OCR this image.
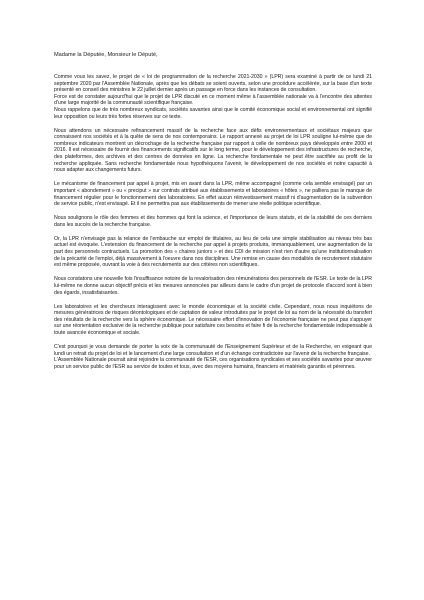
Madame la Députée, Monsieur le Député,

Comme vous les savez, le projet de « loi de programmation de la recherche 2021-2030 » (LPR) sera examiné à partir de ce lundi 21 septembre 2020 par l'Assemblée Nationale, après que les débats se soient ouverts, selon une procédure accélérée, sur la base d'un texte présenté en conseil des ministres le 22 juillet dernier après un passage en force dans les instances de consultation.

Force est de constater aujourd'hui que le projet de LPR discuté en ce moment même à l'assemblée nationale va à l'encontre des attentes d'une large majorité de la communauté scientifique française.

Nous rappelons que de très nombreux syndicats, sociétés savantes ainsi que le comité économique social et environnemental ont signifié leur opposition ou leurs très fortes réserves sur ce texte.

Nous attendons un nécessaire refinancement massif de la recherche face aux défis environnementaux et sociétaux majeurs que connaissent nos sociétés et à la quête de sens de nos contemporains. Le rapport annexé au projet de loi LPR souligne lui-même que de nombreux indicateurs montrent un décrochage de la recherche française par rapport à celle de nombreux pays développés entre 2000 et 2016. Il est nécessaire de fournir des financements significatifs sur le long terme, pour le développement des infrastructures de recherche, des plateformes, des archives et des centres de données en ligne. La recherche fondamentale ne peut être sacrifiée au profit de la recherche appliquée. Sans recherche fondamentale nous hypothéquons l'avenir, le développement de nos sociétés et notre capacité à nous adapter aux changements futurs.

Le mécanisme de financement par appel à projet, mis en avant dans la LPR, même accompagné (comme cela semble envisagé) par un important « abondement » ou « preciput » sur contrats attribué aux établissements et laboratoires « hôtes », ne palliera pas le manque de financement régulier pour le fonctionnement des laboratoires. En effet aucun réinvestissement massif ni d'augmentation de la subvention de service public, n'est envisagé. Et il ne permettra pas aux établissements de mener une réelle politique scientifique.

Nous soulignons le rôle des femmes et des hommes qui font la science, et l'importance de leurs statuts, et de la stabilité de ces derniers dans les succès de la recherche française.

Or, la LPR n'envisage pas la relance de l'embauche sur emploi de titulaires, au lieu de cela une simple stabilisation au niveau très bas actuel est évoquée. L'extension du financement de la recherche par appel à projets produira, immanquablement, une augmentation de la part des personnels contractuels. La promotion des « chaires juniors » et des CDI de mission n'est rien d'autre qu'une institutionnalisation de la précarité de l'emploi, déjà massivement à l'oeuvre dans nos disciplines. Une remise en cause des modalités de recrutement statutaire est même proposée, ouvrant la voie à des recrutements sur des critères non scientifiques.

Nous constatons une nouvelle fois l'insuffisance notoire de la revalorisation des rémunérations des personnels de l'ESR. Le texte de la LPR lui-même ne donne aucun objectif précis et les mesures annoncées par ailleurs dans le cadre d'un projet de protocole d'accord sont à bien des égards, insatisfaisantes.

Les laboratoires et les chercheurs interagissent avec le monde économique et la société civile. Cependant, nous nous inquiétons de mesures génératrices de risques déontologiques et de captation de valeur introduites par le projet de loi au nom de la nécessité du transfert des résultats de la recherche vers la sphère économique. Le nécessaire effort d'innovation de l'économie française ne peut pas s'appuyer sur une réorientation exclusive de la recherche publique pour satisfaire ces besoins et faire fi de la recherche fondamentale indispensable à toute avancée économique et sociale.

C'est pourquoi je vous demande de porter la voix de la communauté de l'Enseignement Supérieur et de la Recherche, en exigeant que lundi un retrait du projet de loi et le lancement d'une large consultation et d'un échange contradictoire sur l'avenir de la recherche française.

L'Assemblée Nationale pourrait ainsi rejoindre la communauté de l'ESR, ces organisations syndicales et ses sociétés savantes pour œuvrer pour un service public de l'ESR au service de toutes et tous, avec des moyens humains, financiers et matériels garantis et pérennes.
